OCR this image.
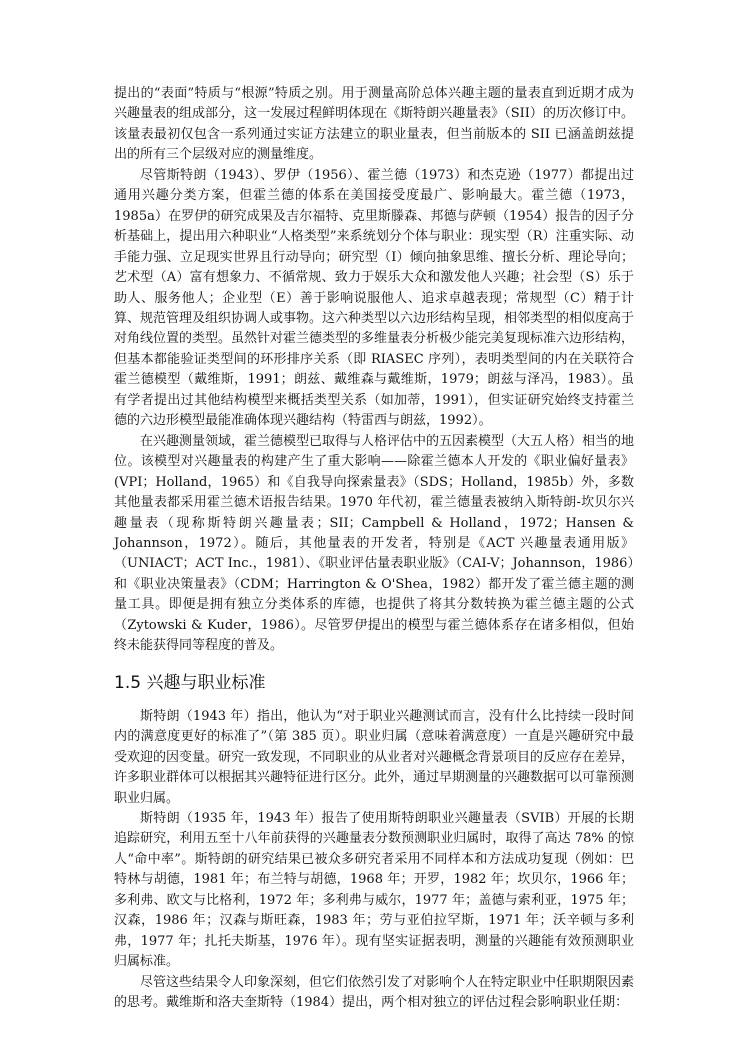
提出的“表面”特质与“根源”特质之别。用于测量高阶总体兴趣主题的量表直到近期才成为兴趣量表的组成部分，这一发展过程鲜明体现在《斯特朗兴趣量表》（SII）的历次修订中。该量表最初仅包含一系列通过实证方法建立的职业量表，但当前版本的 SII 已涵盖朗兹提出的所有三个层级对应的测量维度。

尽管斯特朗（1943）、罗伊（1956）、霍兰德（1973）和杰克逊（1977）都提出过通用兴趣分类方案，但霍兰德的体系在美国接受度最广、影响最大。霍兰德（1973，1985a）在罗伊的研究成果及吉尔福特、克里斯滕森、邦德与萨顿（1954）报告的因子分析基础上，提出用六种职业“人格类型”来系统划分个体与职业：现实型（R）注重实际、动手能力强、立足现实世界且行动导向；研究型（I）倾向抽象思维、擅长分析、理论导向；艺术型（A）富有想象力、不循常规、致力于娱乐大众和激发他人兴趣；社会型（S）乐于助人、服务他人；企业型（E）善于影响说服他人、追求卓越表现；常规型（C）精于计算、规范管理及组织协调人或事物。这六种类型以六边形结构呈现，相邻类型的相似度高于对角线位置的类型。虽然针对霍兰德类型的多维量表分析极少能完美复现标准六边形结构，但基本都能验证类型间的环形排序关系（即 RIASEC 序列），表明类型间的内在关联符合霍兰德模型（戴维斯，1991；朗兹、戴维森与戴维斯，1979；朗兹与泽冯，1983）。虽有学者提出过其他结构模型来概括类型关系（如加蒂，1991），但实证研究始终支持霍兰德的六边形模型最能准确体现兴趣结构（特雷西与朗兹，1992）。

在兴趣测量领域，霍兰德模型已取得与人格评估中的五因素模型（大五人格）相当的地位。该模型对兴趣量表的构建产生了重大影响——除霍兰德本人开发的《职业偏好量表》(VPI；Holland，1965）和《自我导向探索量表》（SDS；Holland，1985b）外，多数其他量表都采用霍兰德术语报告结果。1970 年代初，霍兰德量表被纳入斯特朗-坎贝尔兴趣量表（现称斯特朗兴趣量表；SII；Campbell & Holland，1972；Hansen & Johannson，1972）。随后，其他量表的开发者，特别是《ACT 兴趣量表通用版》（UNIACT；ACT Inc.，1981）、《职业评估量表职业版》（CAI-V；Johannson，1986）和《职业决策量表》（CDM；Harrington & O'Shea，1982）都开发了霍兰德主题的测量工具。即便是拥有独立分类体系的库德，也提供了将其分数转换为霍兰德主题的公式（Zytowski & Kuder，1986）。尽管罗伊提出的模型与霍兰德体系存在诸多相似，但始终未能获得同等程度的普及。

1.5 兴趣与职业标准

斯特朗（1943 年）指出，他认为“对于职业兴趣测试而言，没有什么比持续一段时间内的满意度更好的标准了”（第 385 页）。职业归属（意味着满意度）一直是兴趣研究中最受欢迎的因变量。研究一致发现，不同职业的从业者对兴趣概念背景项目的反应存在差异，许多职业群体可以根据其兴趣特征进行区分。此外，通过早期测量的兴趣数据可以可靠预测职业归属。

斯特朗（1935 年，1943 年）报告了使用斯特朗职业兴趣量表（SVIB）开展的长期追踪研究，利用五至十八年前获得的兴趣量表分数预测职业归属时，取得了高达 78% 的惊人“命中率”。斯特朗的研究结果已被众多研究者采用不同样本和方法成功复现（例如：巴特林与胡德，1981 年；布兰特与胡德，1968 年；开罗，1982 年；坎贝尔，1966 年；多利弗、欧文与比格利，1972 年；多利弗与威尔，1977 年；盖德与索利亚，1975 年；汉森，1986 年；汉森与斯旺森，1983 年；劳与亚伯拉罕斯，1971 年；沃辛顿与多利弗，1977 年；扎托夫斯基，1976 年）。现有坚实证据表明，测量的兴趣能有效预测职业归属标准。

尽管这些结果令人印象深刻，但它们依然引发了对影响个人在特定职业中任职期限因素的思考。戴维斯和洛夫奎斯特（1984）提出，两个相对独立的评估过程会影响职业任期：
